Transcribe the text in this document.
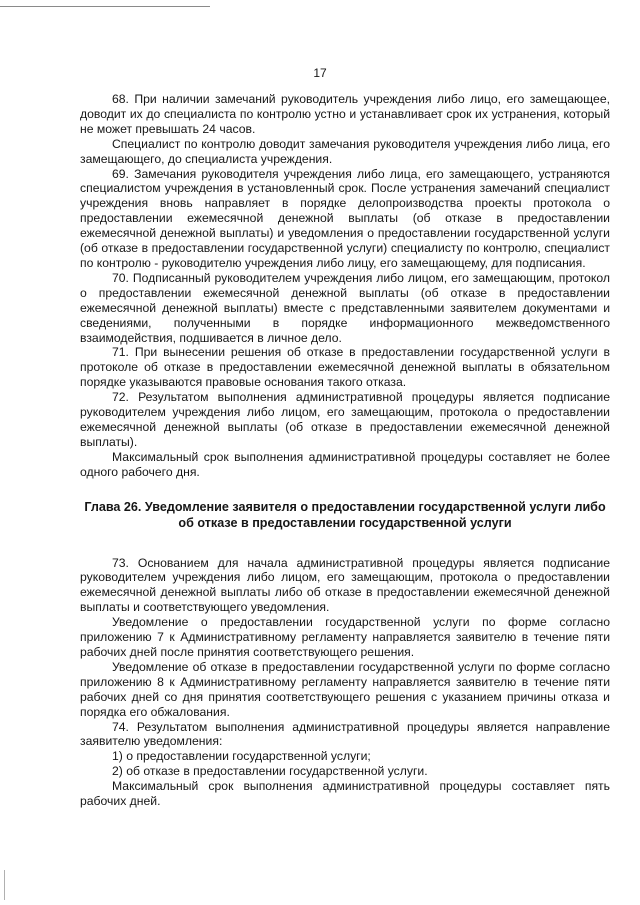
17

68. При наличии замечаний руководитель учреждения либо лицо, его замещающее, доводит их до специалиста по контролю устно и устанавливает срок их устранения, который не может превышать 24 часов.

Специалист по контролю доводит замечания руководителя учреждения либо лица, его замещающего, до специалиста учреждения.

69. Замечания руководителя учреждения либо лица, его замещающего, устраняются специалистом учреждения в установленный срок. После устранения замечаний специалист учреждения вновь направляет в порядке делопроизводства проекты протокола о предоставлении ежемесячной денежной выплаты (об отказе в предоставлении ежемесячной денежной выплаты) и уведомления о предоставлении государственной услуги (об отказе в предоставлении государственной услуги) специалисту по контролю, специалист по контролю - руководителю учреждения либо лицу, его замещающему, для подписания.

70. Подписанный руководителем учреждения либо лицом, его замещающим, протокол о предоставлении ежемесячной денежной выплаты (об отказе в предоставлении ежемесячной денежной выплаты) вместе с представленными заявителем документами и сведениями, полученными в порядке информационного межведомственного взаимодействия, подшивается в личное дело.

71. При вынесении решения об отказе в предоставлении государственной услуги в протоколе об отказе в предоставлении ежемесячной денежной выплаты в обязательном порядке указываются правовые основания такого отказа.

72. Результатом выполнения административной процедуры является подписание руководителем учреждения либо лицом, его замещающим, протокола о предоставлении ежемесячной денежной выплаты (об отказе в предоставлении ежемесячной денежной выплаты).

Максимальный срок выполнения административной процедуры составляет не более одного рабочего дня.

Глава 26. Уведомление заявителя о предоставлении государственной услуги либо об отказе в предоставлении государственной услуги

73. Основанием для начала административной процедуры является подписание руководителем учреждения либо лицом, его замещающим, протокола о предоставлении ежемесячной денежной выплаты либо об отказе в предоставлении ежемесячной денежной выплаты и соответствующего уведомления.

Уведомление о предоставлении государственной услуги по форме согласно приложению 7 к Административному регламенту направляется заявителю в течение пяти рабочих дней после принятия соответствующего решения.

Уведомление об отказе в предоставлении государственной услуги по форме согласно приложению 8 к Административному регламенту направляется заявителю в течение пяти рабочих дней со дня принятия соответствующего решения с указанием причины отказа и порядка его обжалования.

74. Результатом выполнения административной процедуры является направление заявителю уведомления:

1) о предоставлении государственной услуги;

2) об отказе в предоставлении государственной услуги.

Максимальный срок выполнения административной процедуры составляет пять рабочих дней.
